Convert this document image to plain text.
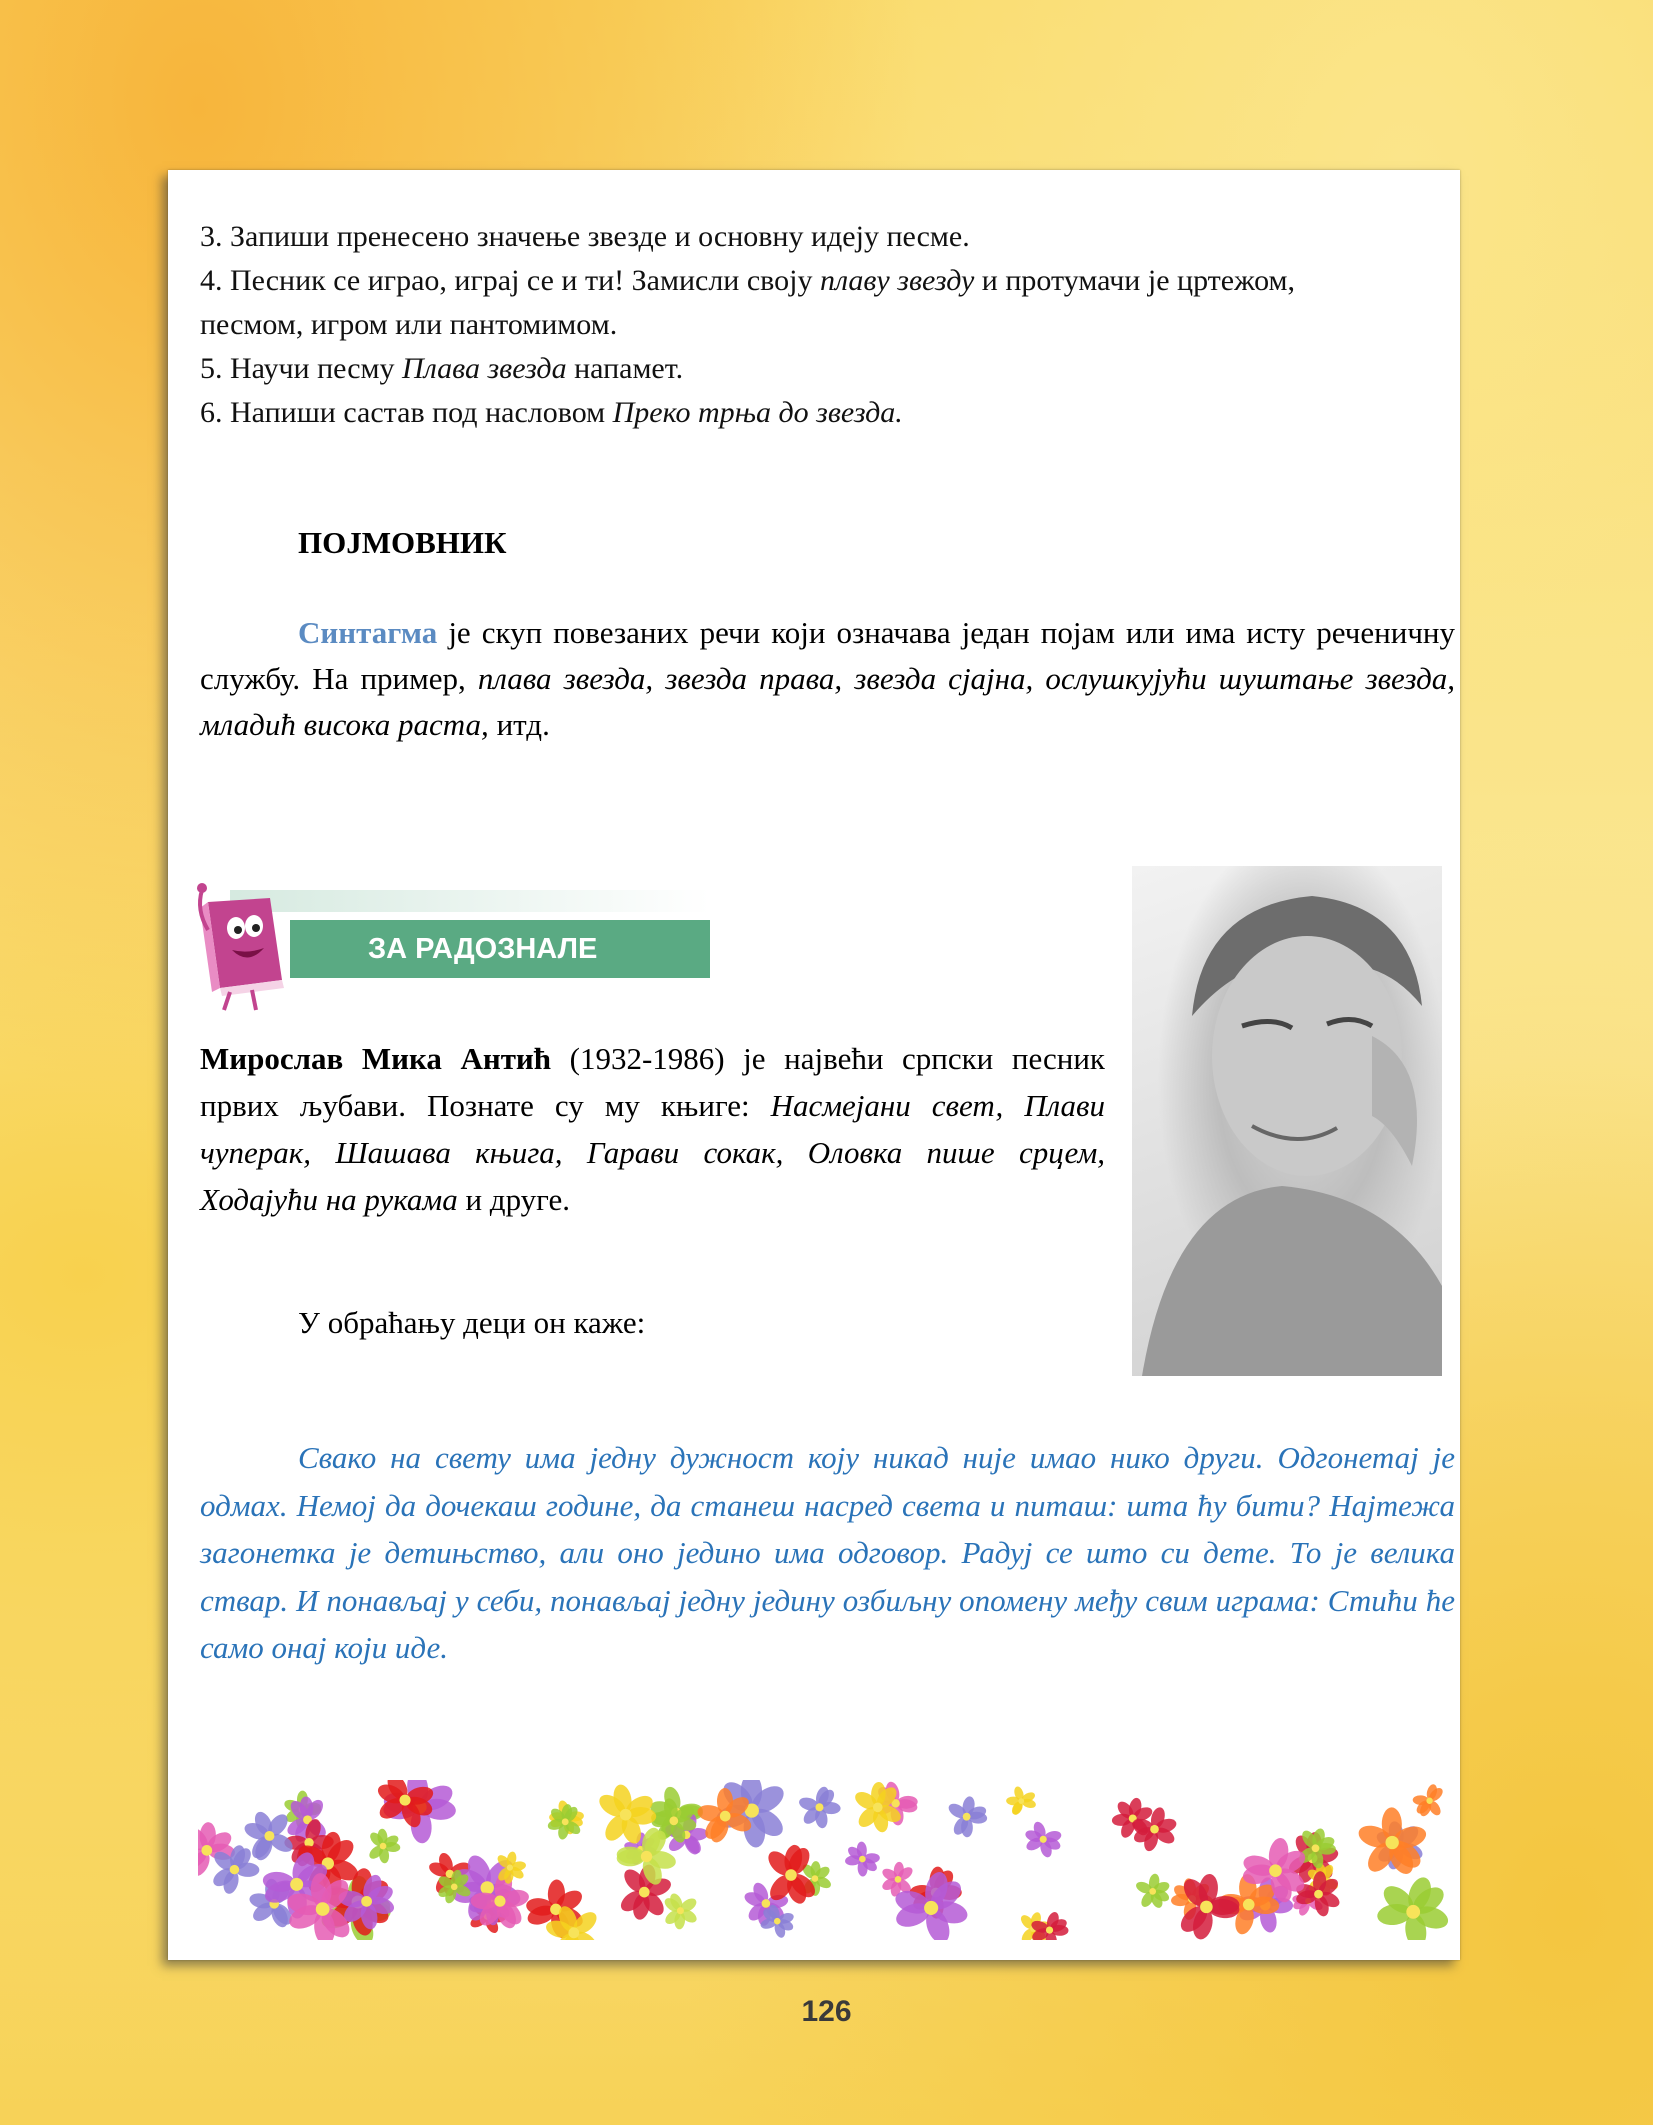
3. Запиши пренесено значење звезде и основну идеју песме.

4. Песник се играо, играј се и ти! Замисли своју плаву звезду и протумачи је цртежом,
песмом, игром или пантомимом.

5. Научи песму Плава звезда напамет.

6. Напиши састав под насловом Преко трња до звезда.

ПОЈМОВНИК

Синтагма је скуп повезаних речи који означава један појам или има исту реченичну службу. На пример, плава звезда, звезда права, звезда сјајна, ослушкујући шуштање звезда, младић висока раста, итд.

ЗА РАДОЗНАЛЕ

Мирослав Мика Антић (1932-1986) је највећи српски песник првих љубави. Познате су му књиге: Насмејани свет, Плави чуперак, Шашава књига, Гарави сокак, Оловка пише срцем, Ходајући на рукама и друге.

У обраћању деци он каже:

Свако на свету има једну дужност коју никад није имао нико други. Одгонетај је одмах. Немој да дочекаш године, да станеш насред света и питаш: шта ћу бити? Најтежа загонетка је детињство, али оно једино има одговор. Радуј се што си дете. То је велика ствар. И понављај у себи, понављај једну једину озбиљну опомену међу свим играма: Стићи ће само онај који иде.

126
